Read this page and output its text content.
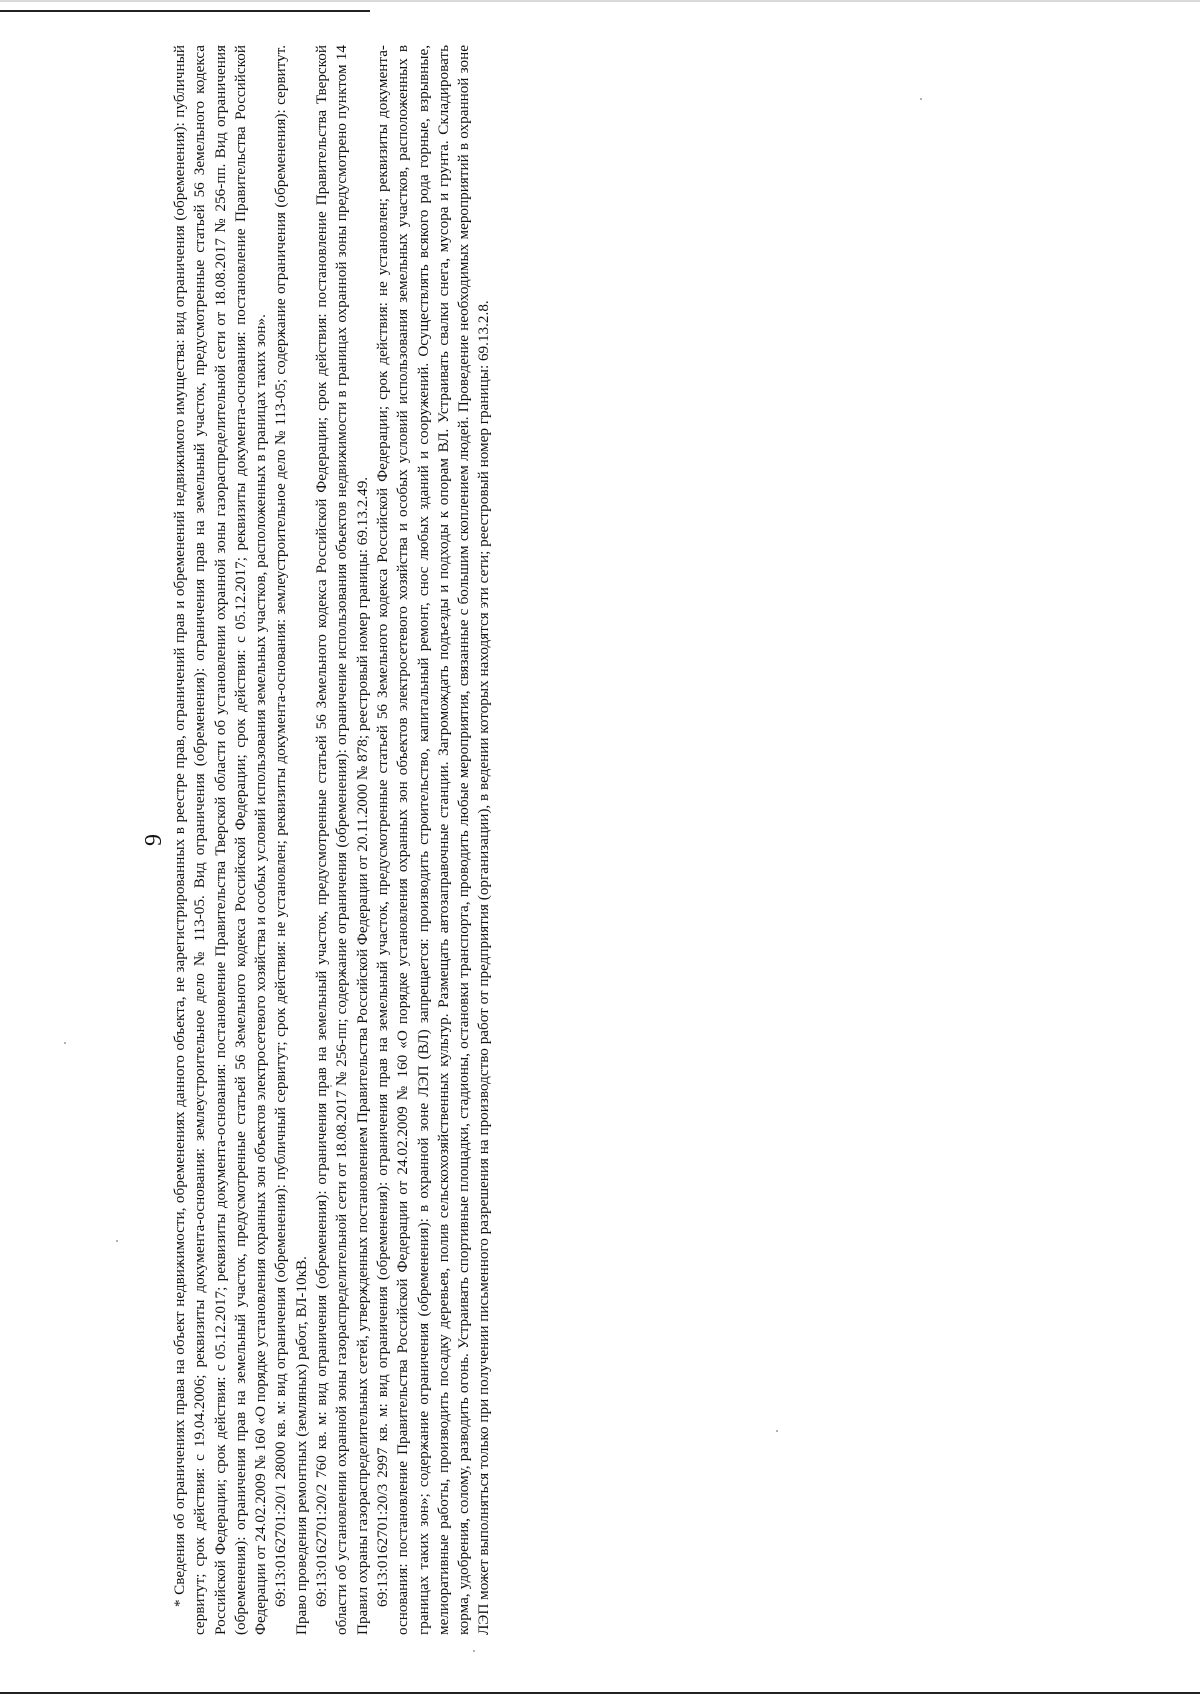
9 * Сведения об ограничениях права на объект недвижимости, обременениях данного объекта, не зарегистрированных в реестре прав, ограничений прав и обременений недвижимого имущества: вид ограничения (обременения): публичный сервитут; срок действия: с 19.04.2006; реквизиты документа-основания: землеустроительное дело № 113-05. Вид ограничения (обременения): ограничения прав на земельный участок, предусмотренные статьей 56 Земельного кодекса Российской Федерации; срок действия: с 05.12.2017; реквизиты документа-основания: постановление Правительства Тверской области об установлении охранной зоны газораспределительной сети от 18.08.2017 № 256-пп. Вид ограничения (обременения): ограничения прав на земельный участок, предусмотренные статьей 56 Земельного кодекса Российской Федерации; срок действия: с 05.12.2017; реквизиты документа-основания: постановление Правительства Российской Федерации от 24.02.2009 № 160 «О порядке установления охранных зон объектов электросетевого хозяйства и особых условий использования земельных участков, расположенных в границах таких зон». 69:13:0162701:20/1 28000 кв. м: вид ограничения (обременения): публичный сервитут; срок действия: не установлен; реквизиты документа-основания: землеустроительное дело № 113-05; содержание ограничения (обременения): сервитут. Право проведения ремонтных (земляных) работ, ВЛ-10кВ. 69:13:0162701:20/2 760 кв. м: вид ограничения (обременения): ограничения прав на земельный участок, предусмотренные статьей 56 Земельного кодекса Российской Федерации; срок действия: постановление Правительства Тверской области об установлении охранной зоны газораспределительной сети от 18.08.2017 № 256-пп; содержание ограничения (обременения): ограничение использования объектов недвижимости в границах охранной зоны предусмотрено пунктом 14 Правил охраны газораспределительных сетей, утвержденных постановлением Правительства Российской Федерации от 20.11.2000 № 878; реестровый номер границы: 69.13.2.49. 69:13:0162701:20/3 2997 кв. м: вид ограничения (обременения): ограничения прав на земельный участок, предусмотренные статьей 56 Земельного кодекса Российской Федерации; срок действия: не установлен; реквизиты документа-основания: постановление Правительства Российской Федерации от 24.02.2009 № 160 «О порядке установления охранных зон объектов электросетевого хозяйства и особых условий использования земельных участков, расположенных в границах таких зон»; содержание ограничения (обременения): в охранной зоне ЛЭП (ВЛ) запрещается: производить строительство, капитальный ремонт, снос любых зданий и сооружений. Осуществлять всякого рода горные, взрывные, мелиоративные работы, производить посадку деревьев, полив сельскохозяйственных культур. Размещать автозаправочные станции. Загромождать подъезды и подходы к опорам ВЛ. Устраивать свалки снега, мусора и грунта. Складировать корма, удобрения, солому, разводить огонь. Устраивать спортивные площадки, стадионы, остановки транспорта, проводить любые мероприятия, связанные с большим скоплением людей. Проведение необходимых мероприятий в охранной зоне ЛЭП может выполняться только при получении письменного разрешения на производство работ от предприятия (организации), в ведении которых находятся эти сети; реестровый номер границы: 69.13.2.8.
